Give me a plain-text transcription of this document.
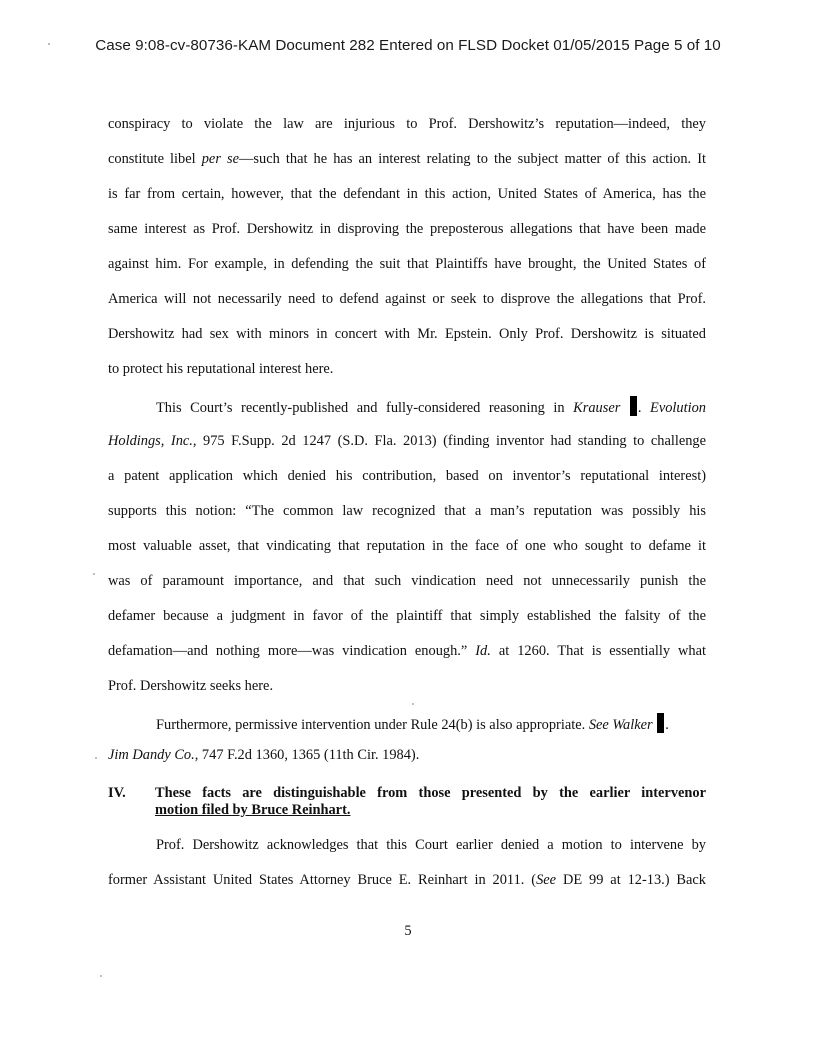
Case 9:08-cv-80736-KAM Document 282 Entered on FLSD Docket 01/05/2015 Page 5 of 10
conspiracy to violate the law are injurious to Prof. Dershowitz’s reputation—indeed, they
constitute libel per se—such that he has an interest relating to the subject matter of this action. It
is far from certain, however, that the defendant in this action, United States of America, has the
same interest as Prof. Dershowitz in disproving the preposterous allegations that have been made
against him. For example, in defending the suit that Plaintiffs have brought, the United States of
America will not necessarily need to defend against or seek to disprove the allegations that Prof.
Dershowitz had sex with minors in concert with Mr. Epstein. Only Prof. Dershowitz is situated
to protect his reputational interest here.
This Court’s recently-published and fully-considered reasoning in Krauser . Evolution
Holdings, Inc., 975 F.Supp. 2d 1247 (S.D. Fla. 2013) (finding inventor had standing to challenge
a patent application which denied his contribution, based on inventor’s reputational interest)
supports this notion: “The common law recognized that a man’s reputation was possibly his
most valuable asset, that vindicating that reputation in the face of one who sought to defame it
was of paramount importance, and that such vindication need not unnecessarily punish the
defamer because a judgment in favor of the plaintiff that simply established the falsity of the
defamation—and nothing more—was vindication enough.” Id. at 1260. That is essentially what
Prof. Dershowitz seeks here.
Furthermore, permissive intervention under Rule 24(b) is also appropriate. See Walker .
Jim Dandy Co., 747 F.2d 1360, 1365 (11th Cir. 1984).
IV.	These facts are distinguishable from those presented by the earlier intervenor
motion filed by Bruce Reinhart.
Prof. Dershowitz acknowledges that this Court earlier denied a motion to intervene by
former Assistant United States Attorney Bruce E. Reinhart in 2011. (See DE 99 at 12-13.) Back
5
